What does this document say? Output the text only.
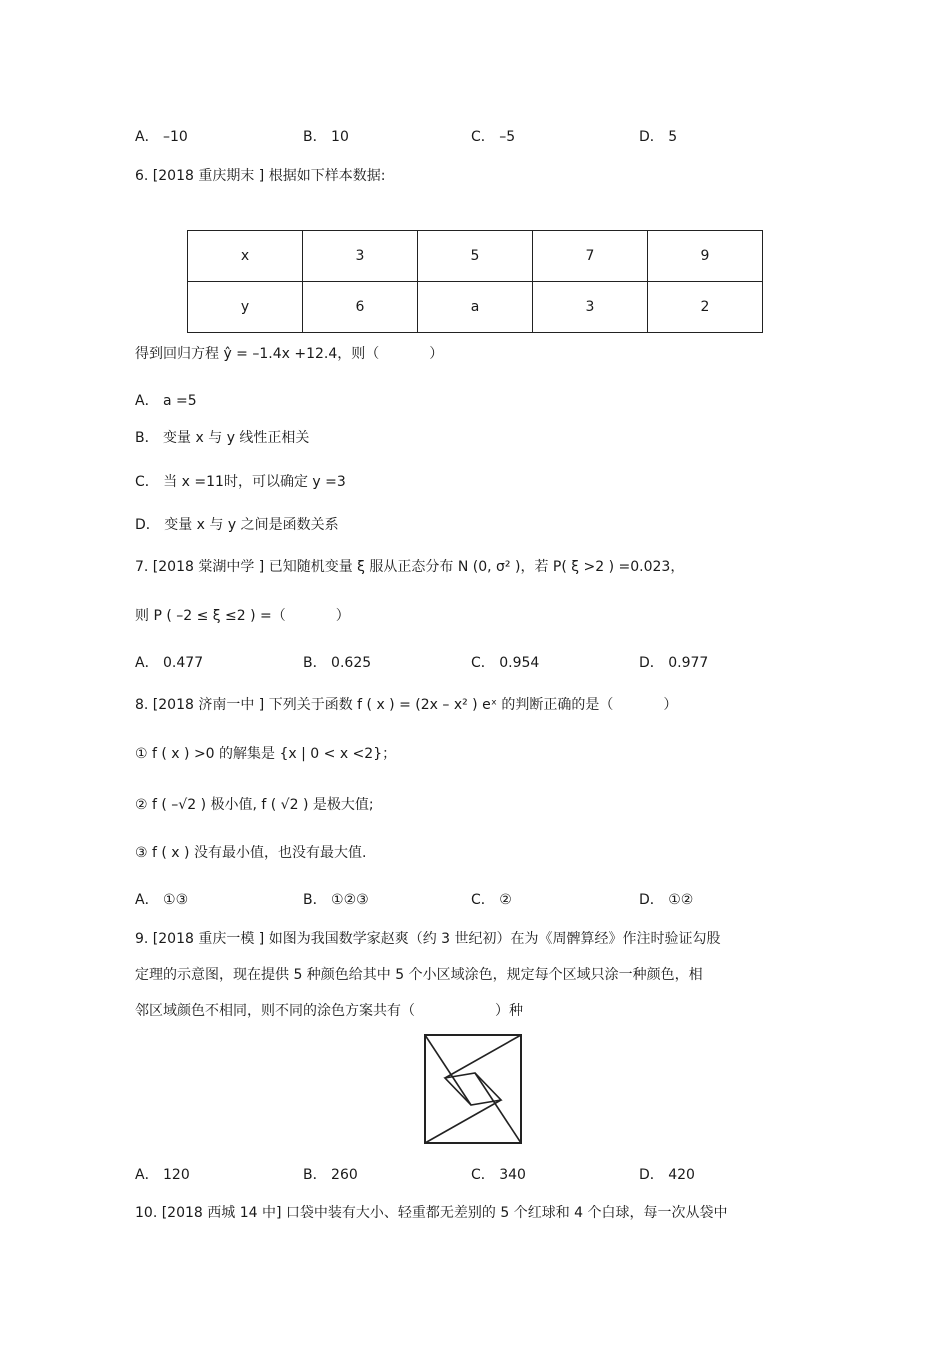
A． –10	B． 10	C． –5	D． 5
6. [2018 重庆期末 ] 根据如下样本数据:
x	3	5	7	9
y	6	a	3	2
得到回归方程 ŷ = –1.4x +12.4，则（	）
A． a =5
B． 变量 x 与 y 线性正相关
C． 当 x =11时，可以确定 y =3
D． 变量 x 与 y 之间是函数关系
7. [2018 棠湖中学 ] 已知随机变量 ξ 服从正态分布 N (0, σ² )，若 P( ξ >2 ) =0.023，
则 P ( –2 ≤ ξ ≤2 ) =（	）
A． 0.477	B． 0.625	C． 0.954	D． 0.977
8. [2018 济南一中 ] 下列关于函数 f ( x ) = (2x – x² ) eˣ 的判断正确的是（	）
① f ( x ) >0 的解集是 {x | 0 < x <2}；
② f ( –√2 ) 极小值, f ( √2 ) 是极大值;
③ f ( x ) 没有最小值，也没有最大值.
A． ①③	B． ①②③	C． ②	D． ①②
9. [2018 重庆一模 ] 如图为我国数学家赵爽（约 3 世纪初）在为《周髀算经》作注时验证勾股
定理的示意图，现在提供 5 种颜色给其中 5 个小区域涂色，规定每个区域只涂一种颜色，相
邻区域颜色不相同，则不同的涂色方案共有（	）种
A． 120	B． 260	C． 340	D． 420
10. [2018 西城 14 中] 口袋中装有大小、轻重都无差别的 5 个红球和 4 个白球，每一次从袋中
